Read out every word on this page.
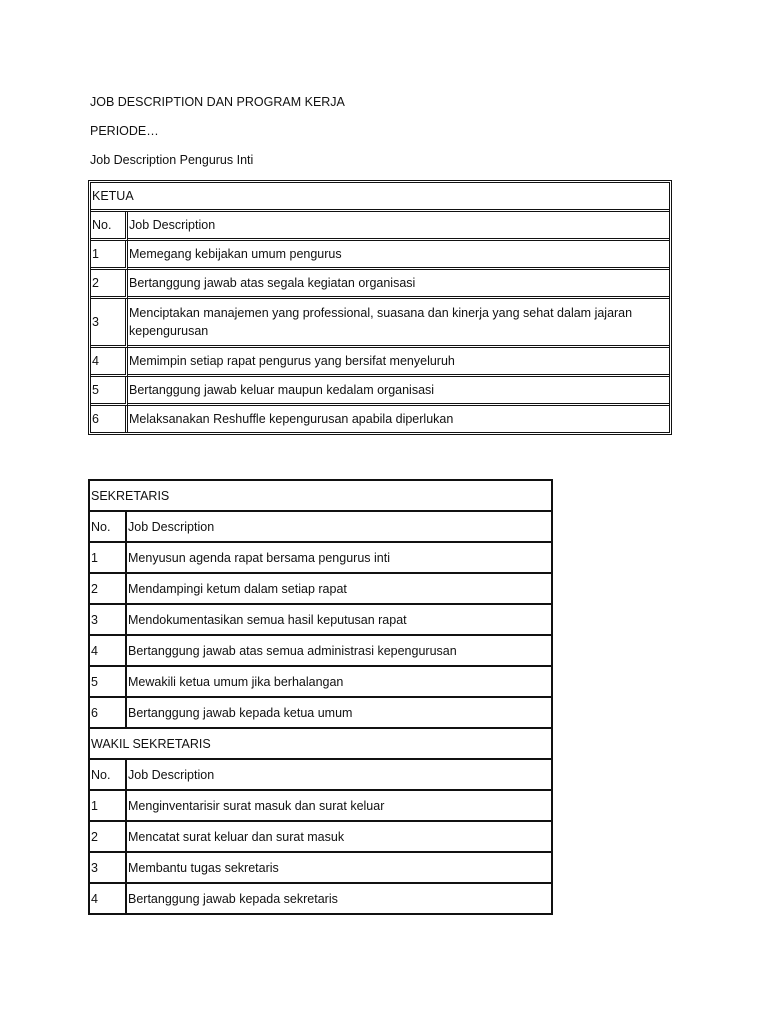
JOB DESCRIPTION DAN PROGRAM KERJA
PERIODE…
Job Description Pengurus Inti
KETUA	
No.	Job Description
1	Memegang kebijakan umum pengurus
2	Bertanggung jawab atas segala kegiatan organisasi
3	Menciptakan manajemen yang professional, suasana dan kinerja yang sehat dalam jajaran kepengurusan
4	Memimpin setiap rapat pengurus yang bersifat menyeluruh
5	Bertanggung jawab keluar maupun kedalam organisasi
6	Melaksanakan Reshuffle kepengurusan apabila diperlukan
SEKRETARIS	
No.	Job Description
1	Menyusun agenda rapat bersama pengurus inti
2	Mendampingi ketum dalam setiap rapat
3	Mendokumentasikan semua hasil keputusan rapat
4	Bertanggung jawab atas semua administrasi kepengurusan
5	Mewakili ketua umum jika berhalangan
6	Bertanggung jawab kepada ketua umum
WAKIL SEKRETARIS	
No.	Job Description
1	Menginventarisir surat masuk dan surat keluar
2	Mencatat surat keluar dan surat masuk
3	Membantu tugas sekretaris
4	Bertanggung jawab kepada sekretaris
